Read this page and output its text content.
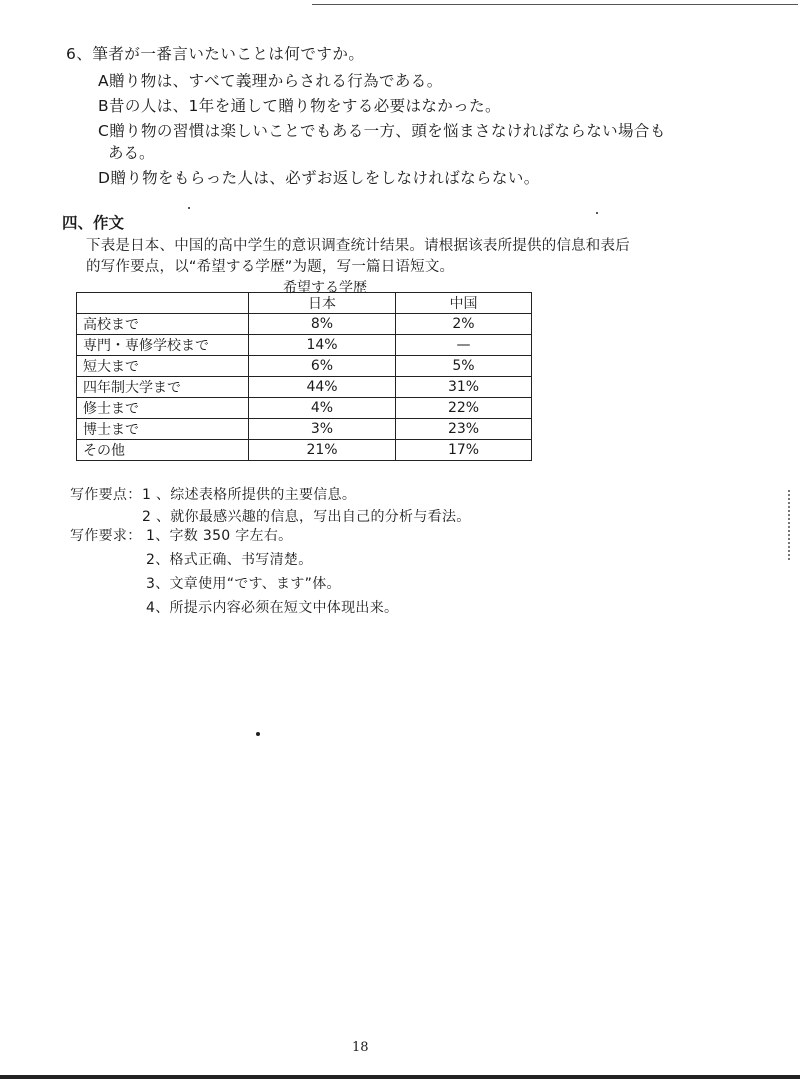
6、筆者が一番言いたいことは何ですか。
A贈り物は、すべて義理からされる行為である。
B昔の人は、1年を通して贈り物をする必要はなかった。
C贈り物の習慣は楽しいことでもある一方、頭を悩まさなければならない場合も
ある。
D贈り物をもらった人は、必ずお返しをしなければならない。
四、作文
下表是日本、中国的高中学生的意识调查统计结果。请根据该表所提供的信息和表后
的写作要点，以“希望する学歴”为题，写一篇日语短文。
希望する学歴
	日本	中国
高校まで	8%	2%
専門・専修学校まで	14%	—
短大まで	6%	5%
四年制大学まで	44%	31%
修士まで	4%	22%
博士まで	3%	23%
その他	21%	17%
写作要点： 1 、综述表格所提供的主要信息。
2 、就你最感兴趣的信息，写出自己的分析与看法。
写作要求： 1、字数 350 字左右。
2、格式正确、书写清楚。
3、文章使用“です、ます”体。
4、所提示内容必须在短文中体现出来。
18
